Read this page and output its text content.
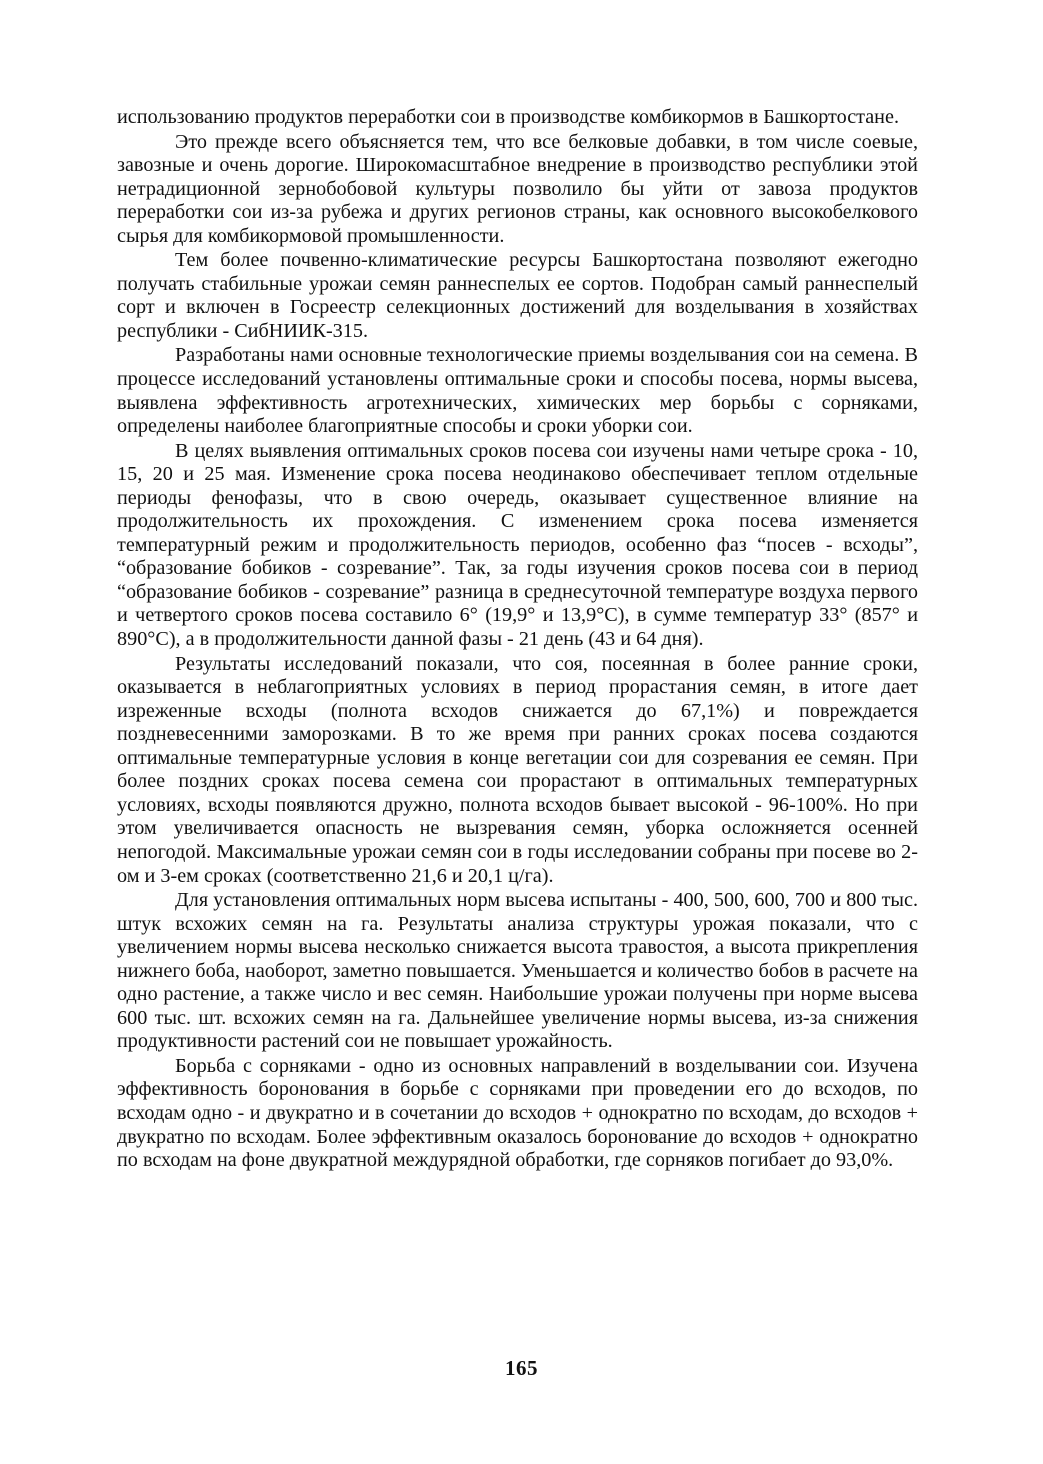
использованию продуктов переработки сои в производстве комбикормов в Башкортостане.

Это прежде всего объясняется тем, что все белковые добавки, в том числе соевые, завозные и очень дорогие. Широкомасштабное внедрение в производство республики этой нетрадиционной зернобобовой культуры позволило бы уйти от завоза продуктов переработки сои из-за рубежа и других регионов страны, как основного высокобелкового сырья для комбикормовой промышленности.

Тем более почвенно-климатические ресурсы Башкортостана позволяют ежегодно получать стабильные урожаи семян раннеспелых ее сортов. Подобран самый раннеспелый сорт и включен в Госреестр селекционных достижений для возделывания в хозяйствах республики - СибНИИК-315.

Разработаны нами основные технологические приемы возделывания сои на семена. В процессе исследований установлены оптимальные сроки и способы посева, нормы высева, выявлена эффективность агротехнических, химических мер борьбы с сорняками, определены наиболее благоприятные способы и сроки уборки сои.

В целях выявления оптимальных сроков посева сои изучены нами четыре срока - 10, 15, 20 и 25 мая. Изменение срока посева неодинаково обеспечивает теплом отдельные периоды фенофазы, что в свою очередь, оказывает существенное влияние на продолжительность их прохождения. С изменением срока посева изменяется температурный режим и продолжительность периодов, особенно фаз “посев - всходы”, “образование бобиков - созревание”. Так, за годы изучения сроков посева сои в период “образование бобиков - созревание” разница в среднесуточной температуре воздуха первого и четвертого сроков посева составило 6° (19,9° и 13,9°С), в сумме температур 33° (857° и 890°С), а в продолжительности данной фазы - 21 день (43 и 64 дня).

Результаты исследований показали, что соя, посеянная в более ранние сроки, оказывается в неблагоприятных условиях в период прорастания семян, в итоге дает изреженные всходы (полнота всходов снижается до 67,1%) и повреждается поздневесенними заморозками. В то же время при ранних сроках посева создаются оптимальные температурные условия в конце вегетации сои для созревания ее семян. При более поздних сроках посева семена сои прорастают в оптимальных температурных условиях, всходы появляются дружно, полнота всходов бывает высокой - 96-100%. Но при этом увеличивается опасность не вызревания семян, уборка осложняется осенней непогодой. Максимальные урожаи семян сои в годы исследовании собраны при посеве во 2-ом и 3-ем сроках (соответственно 21,6 и 20,1 ц/га).

Для установления оптимальных норм высева испытаны - 400, 500, 600, 700 и 800 тыс. штук всхожих семян на га. Результаты анализа структуры урожая показали, что с увеличением нормы высева несколько снижается высота травостоя, а высота прикрепления нижнего боба, наоборот, заметно повышается. Уменьшается и количество бобов в расчете на одно растение, а также число и вес семян. Наибольшие урожаи получены при норме высева 600 тыс. шт. всхожих семян на га. Дальнейшее увеличение нормы высева, из-за снижения продуктивности растений сои не повышает урожайность.

Борьба с сорняками - одно из основных направлений в возделывании сои. Изучена эффективность боронования в борьбе с сорняками при проведении его до всходов, по всходам одно - и двукратно и в сочетании до всходов + однократно по всходам, до всходов + двукратно по всходам. Более эффективным оказалось боронование до всходов + однократно по всходам на фоне двукратной междурядной обработки, где сорняков погибает до 93,0%.

165
